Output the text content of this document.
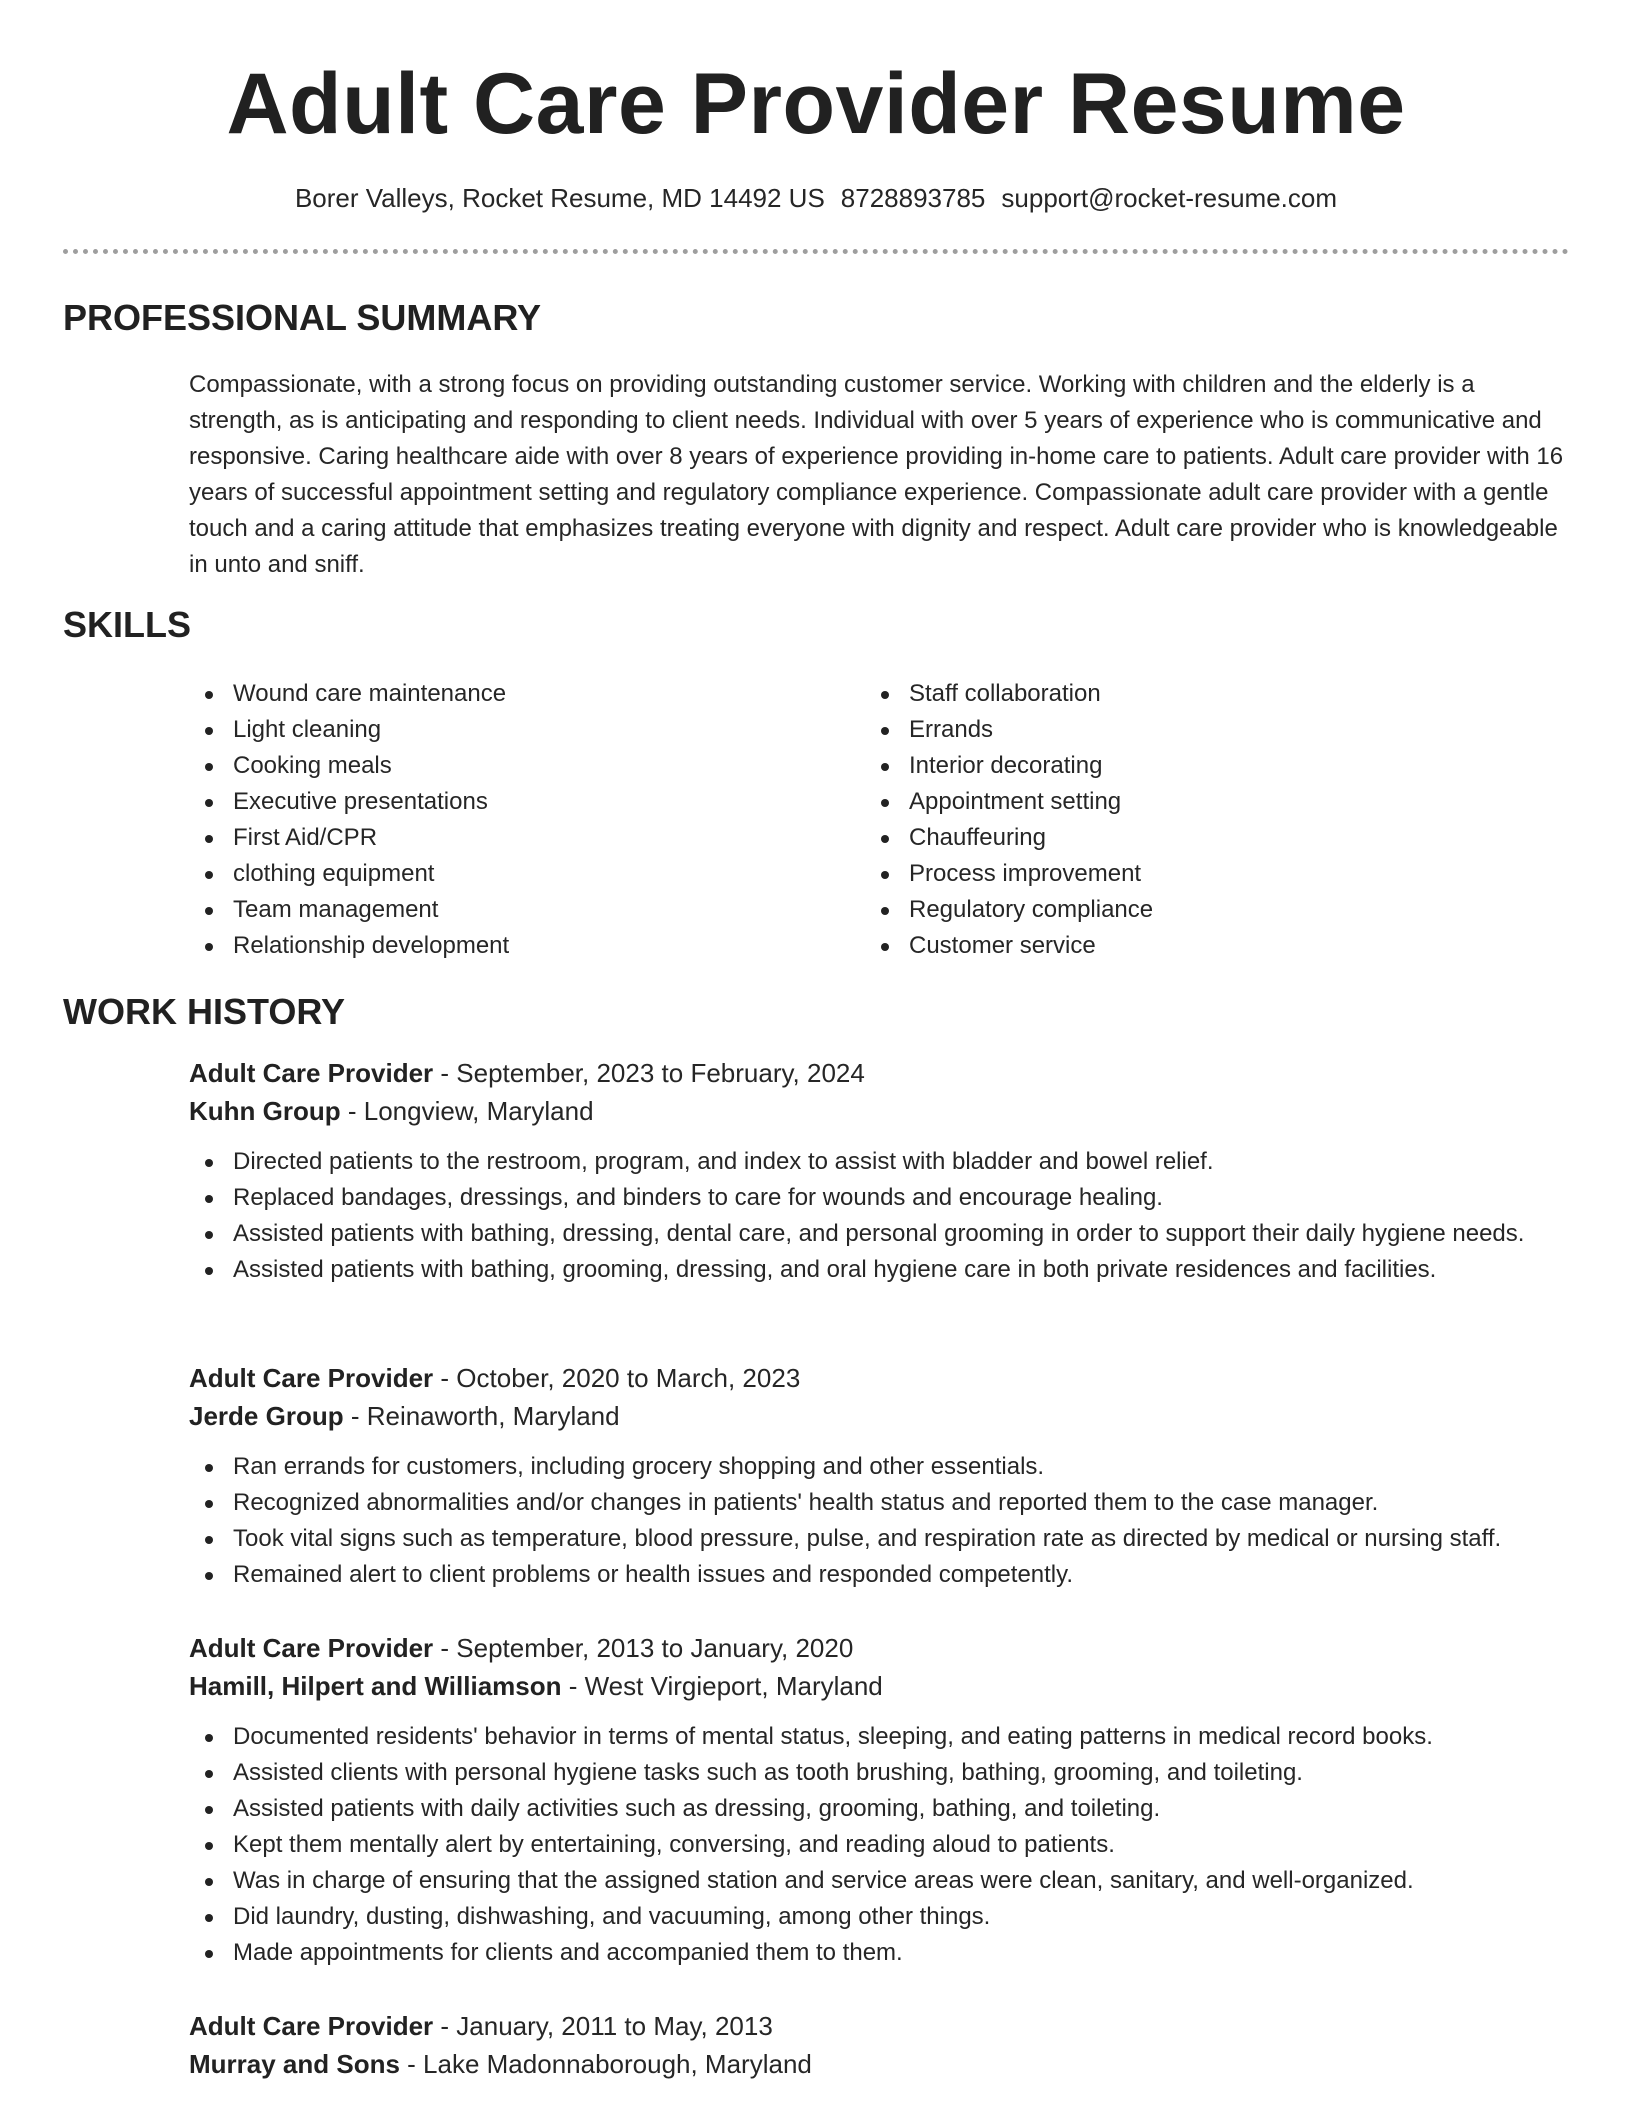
Adult Care Provider Resume
Borer Valleys, Rocket Resume, MD 14492 US 8728893785 support@rocket-resume.com
PROFESSIONAL SUMMARY

Compassionate, with a strong focus on providing outstanding customer service. Working with children and the elderly is a strength, as is anticipating and responding to client needs. Individual with over 5 years of experience who is communicative and responsive. Caring healthcare aide with over 8 years of experience providing in-home care to patients. Adult care provider with 16 years of successful appointment setting and regulatory compliance experience. Compassionate adult care provider with a gentle touch and a caring attitude that emphasizes treating everyone with dignity and respect. Adult care provider who is knowledgeable in unto and sniff.

SKILLS
Wound care maintenance
Light cleaning
Cooking meals
Executive presentations
First Aid/CPR
clothing equipment
Team management
Relationship development
Staff collaboration
Errands
Interior decorating
Appointment setting
Chauffeuring
Process improvement
Regulatory compliance
Customer service
WORK HISTORY
Adult Care Provider - September, 2023 to February, 2024
Kuhn Group - Longview, Maryland
Directed patients to the restroom, program, and index to assist with bladder and bowel relief.
Replaced bandages, dressings, and binders to care for wounds and encourage healing.
Assisted patients with bathing, dressing, dental care, and personal grooming in order to support their daily hygiene needs.
Assisted patients with bathing, grooming, dressing, and oral hygiene care in both private residences and facilities.
Adult Care Provider - October, 2020 to March, 2023
Jerde Group - Reinaworth, Maryland
Ran errands for customers, including grocery shopping and other essentials.
Recognized abnormalities and/or changes in patients' health status and reported them to the case manager.
Took vital signs such as temperature, blood pressure, pulse, and respiration rate as directed by medical or nursing staff.
Remained alert to client problems or health issues and responded competently.
Adult Care Provider - September, 2013 to January, 2020
Hamill, Hilpert and Williamson - West Virgieport, Maryland
Documented residents' behavior in terms of mental status, sleeping, and eating patterns in medical record books.
Assisted clients with personal hygiene tasks such as tooth brushing, bathing, grooming, and toileting.
Assisted patients with daily activities such as dressing, grooming, bathing, and toileting.
Kept them mentally alert by entertaining, conversing, and reading aloud to patients.
Was in charge of ensuring that the assigned station and service areas were clean, sanitary, and well-organized.
Did laundry, dusting, dishwashing, and vacuuming, among other things.
Made appointments for clients and accompanied them to them.
Adult Care Provider - January, 2011 to May, 2013
Murray and Sons - Lake Madonnaborough, Maryland
